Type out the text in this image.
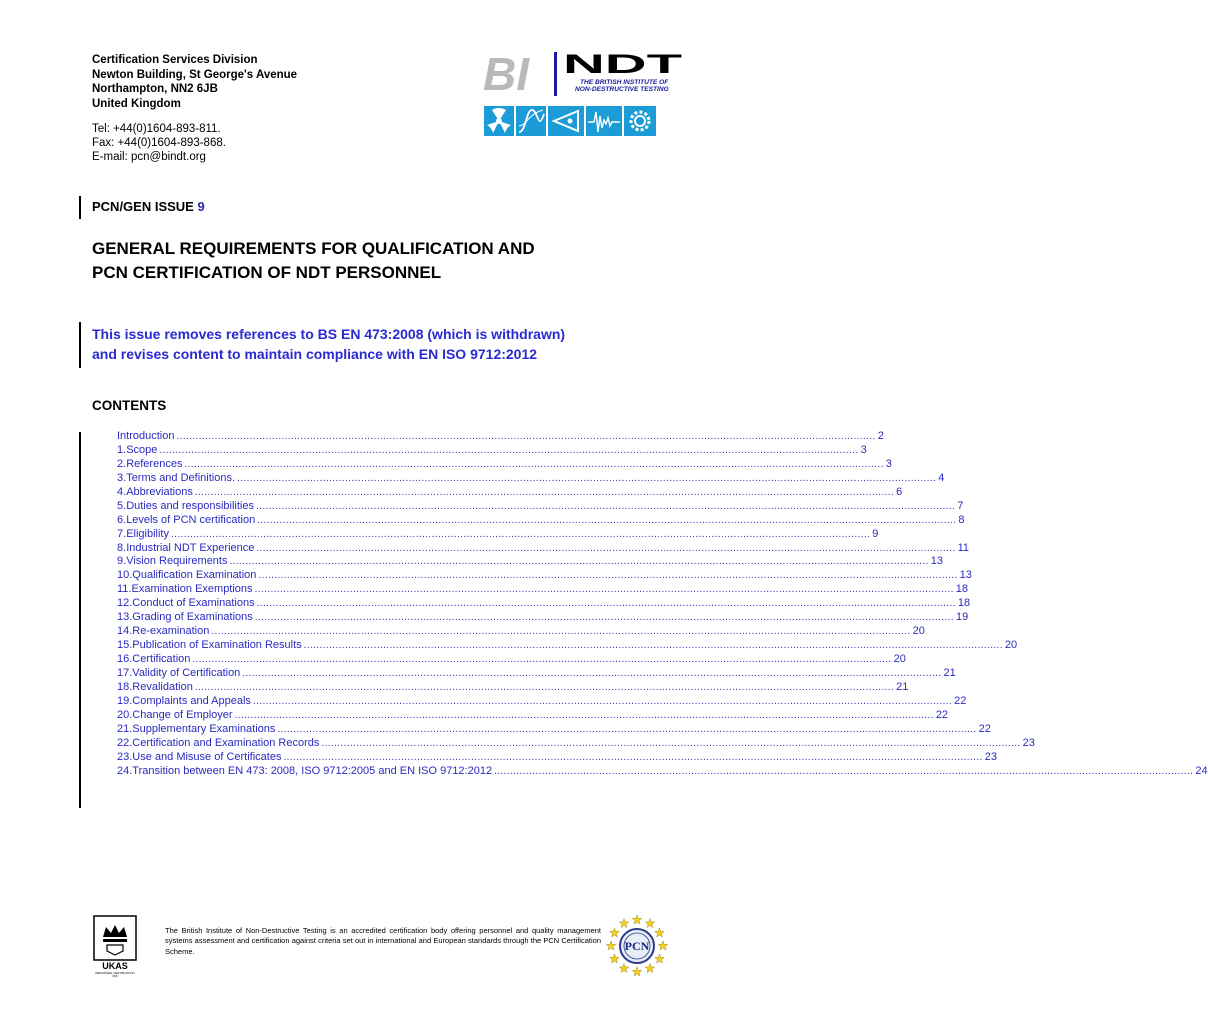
Certification Services Division
Newton Building, St George's Avenue
Northampton, NN2 6JB
United Kingdom
Tel: +44(0)1604-893-811.
Fax: +44(0)1604-893-868.
E-mail: pcn@bindt.org
BI NDT
THE BRITISH INSTITUTE OF
NON-DESTRUCTIVE TESTING
PCN/GEN ISSUE 9
GENERAL REQUIREMENTS FOR QUALIFICATION AND
PCN CERTIFICATION OF NDT PERSONNEL
This issue removes references to BS EN 473:2008 (which is withdrawn)
and revises content to maintain compliance with EN ISO 9712:2012
CONTENTS
Introduction ............................................................................................................................................................................................................................ 2
1. Scope ............................................................................................................................................................................................................................ 3
2. References ............................................................................................................................................................................................................................ 3
3. Terms and Definitions. ............................................................................................................................................................................................................................ 4
4. Abbreviations ............................................................................................................................................................................................................................ 6
5. Duties and responsibilities ............................................................................................................................................................................................................................ 7
6. Levels of PCN certification ............................................................................................................................................................................................................................ 8
7. Eligibility ............................................................................................................................................................................................................................ 9
8. Industrial NDT Experience ............................................................................................................................................................................................................................ 11
9. Vision Requirements ............................................................................................................................................................................................................................ 13
10. Qualification Examination ............................................................................................................................................................................................................................ 13
11. Examination Exemptions ............................................................................................................................................................................................................................ 18
12. Conduct of Examinations ............................................................................................................................................................................................................................ 18
13. Grading of Examinations ............................................................................................................................................................................................................................ 19
14. Re-examination ............................................................................................................................................................................................................................ 20
15. Publication of Examination Results ............................................................................................................................................................................................................................ 20
16. Certification ............................................................................................................................................................................................................................ 20
17. Validity of Certification ............................................................................................................................................................................................................................ 21
18. Revalidation ............................................................................................................................................................................................................................ 21
19. Complaints and Appeals ............................................................................................................................................................................................................................ 22
20. Change of Employer ............................................................................................................................................................................................................................ 22
21. Supplementary Examinations ............................................................................................................................................................................................................................ 22
22. Certification and Examination Records ............................................................................................................................................................................................................................ 23
23. Use and Misuse of Certificates ............................................................................................................................................................................................................................ 23
24. Transition between EN 473: 2008, ISO 9712:2005 and EN ISO 9712:2012 ............................................................................................................................................................................................................................ 24
UKAS
PERSONNEL CERTIFICATION
006
The British Institute of Non-Destructive Testing is an accredited certification body offering personnel and quality management systems assessment and certification against criteria set out in international and European standards through the PCN Certification Scheme.	PCN
